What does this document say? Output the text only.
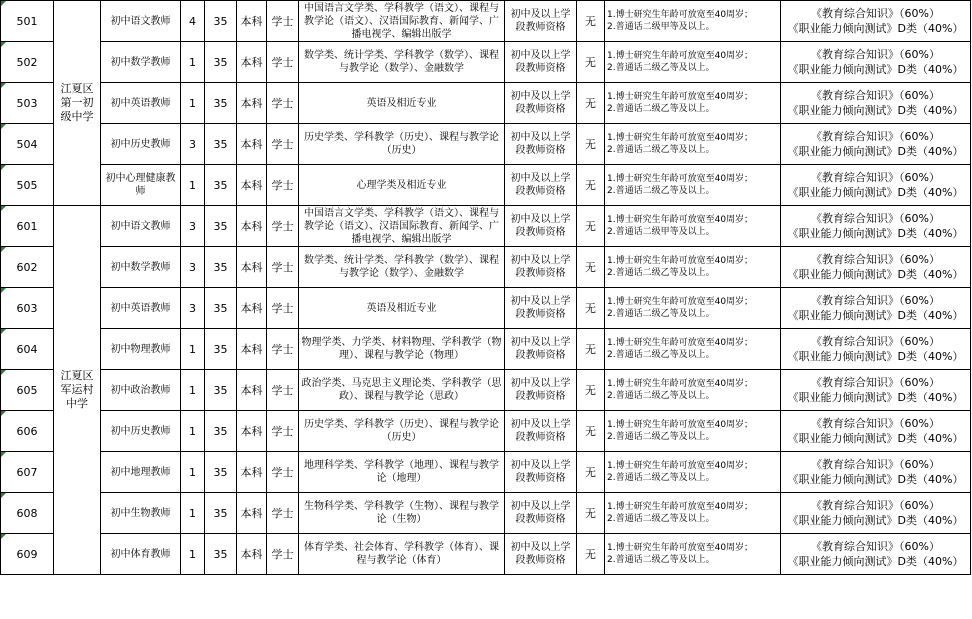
501	江夏区第一初级中学	初中语文教师	4	35	本科	学士	中国语言文学类、学科教学（语文）、课程与教学论（语文）、汉语国际教育、新闻学、广播电视学、编辑出版学	初中及以上学段教师资格	无	1.博士研究生年龄可放宽至40周岁；
2.普通话二级甲等及以上。	《教育综合知识》（60%）
《职业能力倾向测试》D类（40%）

502		初中数学教师	1	35	本科	学士	数学类、统计学类、学科教学（数学）、课程与教学论（数学）、金融数学	初中及以上学段教师资格	无	1.博士研究生年龄可放宽至40周岁；
2.普通话二级乙等及以上。	《教育综合知识》（60%）
《职业能力倾向测试》D类（40%）

503		初中英语教师	1	35	本科	学士	英语及相近专业	初中及以上学段教师资格	无	1.博士研究生年龄可放宽至40周岁；
2.普通话二级乙等及以上。	《教育综合知识》（60%）
《职业能力倾向测试》D类（40%）

504		初中历史教师	3	35	本科	学士	历史学类、学科教学（历史）、课程与教学论（历史）	初中及以上学段教师资格	无	1.博士研究生年龄可放宽至40周岁；
2.普通话二级乙等及以上。	《教育综合知识》（60%）
《职业能力倾向测试》D类（40%）

505		初中心理健康教师	1	35	本科	学士	心理学类及相近专业	初中及以上学段教师资格	无	1.博士研究生年龄可放宽至40周岁；
2.普通话二级乙等及以上。	《教育综合知识》（60%）
《职业能力倾向测试》D类（40%）

601	江夏区军运村中学	初中语文教师	3	35	本科	学士	中国语言文学类、学科教学（语文）、课程与教学论（语文）、汉语国际教育、新闻学、广播电视学、编辑出版学	初中及以上学段教师资格	无	1.博士研究生年龄可放宽至40周岁；
2.普通话二级甲等及以上。	《教育综合知识》（60%）
《职业能力倾向测试》D类（40%）

602		初中数学教师	3	35	本科	学士	数学类、统计学类、学科教学（数学）、课程与教学论（数学）、金融数学	初中及以上学段教师资格	无	1.博士研究生年龄可放宽至40周岁；
2.普通话二级乙等及以上。	《教育综合知识》（60%）
《职业能力倾向测试》D类（40%）

603		初中英语教师	3	35	本科	学士	英语及相近专业	初中及以上学段教师资格	无	1.博士研究生年龄可放宽至40周岁；
2.普通话二级乙等及以上。	《教育综合知识》（60%）
《职业能力倾向测试》D类（40%）

604		初中物理教师	1	35	本科	学士	物理学类、力学类、材料物理、学科教学（物理）、课程与教学论（物理）	初中及以上学段教师资格	无	1.博士研究生年龄可放宽至40周岁；
2.普通话二级乙等及以上。	《教育综合知识》（60%）
《职业能力倾向测试》D类（40%）

605		初中政治教师	1	35	本科	学士	政治学类、马克思主义理论类、学科教学（思政）、课程与教学论（思政）	初中及以上学段教师资格	无	1.博士研究生年龄可放宽至40周岁；
2.普通话二级乙等及以上。	《教育综合知识》（60%）
《职业能力倾向测试》D类（40%）

606		初中历史教师	1	35	本科	学士	历史学类、学科教学（历史）、课程与教学论（历史）	初中及以上学段教师资格	无	1.博士研究生年龄可放宽至40周岁；
2.普通话二级乙等及以上。	《教育综合知识》（60%）
《职业能力倾向测试》D类（40%）

607		初中地理教师	1	35	本科	学士	地理科学类、学科教学（地理）、课程与教学论（地理）	初中及以上学段教师资格	无	1.博士研究生年龄可放宽至40周岁；
2.普通话二级乙等及以上。	《教育综合知识》（60%）
《职业能力倾向测试》D类（40%）

608		初中生物教师	1	35	本科	学士	生物科学类、学科教学（生物）、课程与教学论（生物）	初中及以上学段教师资格	无	1.博士研究生年龄可放宽至40周岁；
2.普通话二级乙等及以上。	《教育综合知识》（60%）
《职业能力倾向测试》D类（40%）

609		初中体育教师	1	35	本科	学士	体育学类、社会体育、学科教学（体育）、课程与教学论（体育）	初中及以上学段教师资格	无	1.博士研究生年龄可放宽至40周岁；
2.普通话二级乙等及以上。	《教育综合知识》（60%）
《职业能力倾向测试》D类（40%）
